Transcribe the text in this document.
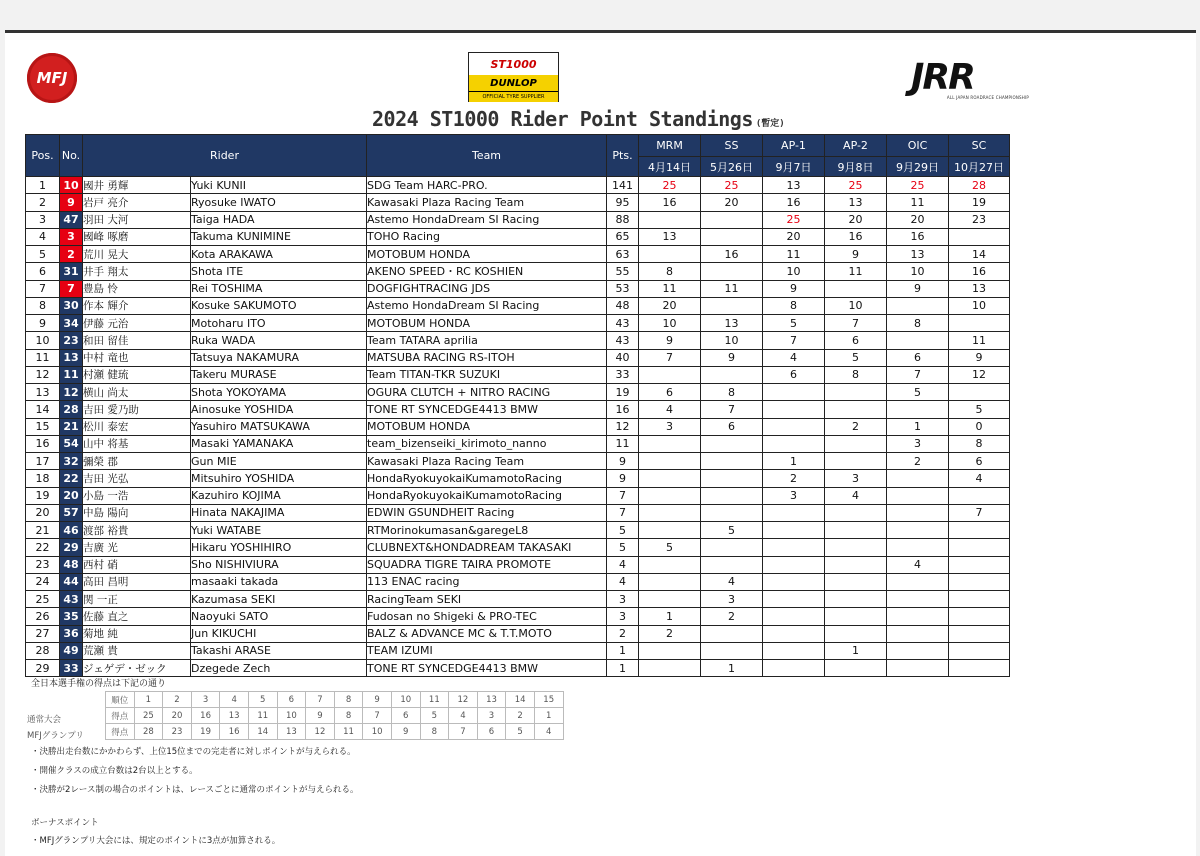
MFJ
ST1000
DUNLOP
OFFICIAL TYRE SUPPLIER	JRR
ALL JAPAN ROADRACE CHAMPIONSHIP
2024 ST1000 Rider Point Standings (暫定)
Pos.	No.	Rider		Team	Pts.	MRM	SS	AP-1	AP-2	OIC	SC
						4月14日	5月26日	9月7日	9月8日	9月29日	10月27日
1	10	國井 勇輝	Yuki KUNII	SDG Team HARC-PRO.	141	25	25	13	25	25	28
2	9	岩戸 亮介	Ryosuke IWATO	Kawasaki Plaza Racing Team	95	16	20	16	13	11	19
3	47	羽田 大河	Taiga HADA	Astemo HondaDream SI Racing	88			25	20	20	23
4	3	國峰 啄磨	Takuma KUNIMINE	TOHO Racing	65	13		20	16	16	
5	2	荒川 晃大	Kota ARAKAWA	MOTOBUM HONDA	63		16	11	9	13	14
6	31	井手 翔太	Shota ITE	AKENO SPEED・RC KOSHIEN	55	8		10	11	10	16
7	7	豊島 怜	Rei TOSHIMA	DOGFIGHTRACING JDS	53	11	11	9		9	13
8	30	作本 輝介	Kosuke SAKUMOTO	Astemo HondaDream SI Racing	48	20		8	10		10
9	34	伊藤 元治	Motoharu ITO	MOTOBUM HONDA	43	10	13	5	7	8	
10	23	和田 留佳	Ruka WADA	Team TATARA aprilia	43	9	10	7	6		11
11	13	中村 竜也	Tatsuya NAKAMURA	MATSUBA RACING RS-ITOH	40	7	9	4	5	6	9
12	11	村瀬 健琉	Takeru MURASE	Team TITAN-TKR SUZUKI	33			6	8	7	12
13	12	横山 尚太	Shota YOKOYAMA	OGURA CLUTCH + NITRO RACING	19	6	8			5	
14	28	吉田 愛乃助	Ainosuke YOSHIDA	TONE RT SYNCEDGE4413 BMW	16	4	7				5
15	21	松川 泰宏	Yasuhiro MATSUKAWA	MOTOBUM HONDA	12	3	6		2	1	0
16	54	山中 将基	Masaki YAMANAKA	team_bizenseiki_kirimoto_nanno	11					3	8
17	32	彌榮 郡	Gun MIE	Kawasaki Plaza Racing Team	9			1		2	6
18	22	吉田 光弘	Mitsuhiro YOSHIDA	HondaRyokuyokaiKumamotoRacing	9			2	3		4
19	20	小島 一浩	Kazuhiro KOJIMA	HondaRyokuyokaiKumamotoRacing	7			3	4		
20	57	中島 陽向	Hinata NAKAJIMA	EDWIN GSUNDHEIT Racing	7						7
21	46	渡部 裕貴	Yuki WATABE	RTMorinokumasan&garegeL8	5		5				
22	29	吉廣 光	Hikaru YOSHIHIRO	CLUBNEXT&HONDADREAM TAKASAKI	5	5					
23	48	西村 硝	Sho NISHIVIURA	SQUADRA TIGRE TAIRA PROMOTE	4					4	
24	44	高田 昌明	masaaki takada	113 ENAC racing	4		4				
25	43	関 一正	Kazumasa SEKI	RacingTeam SEKI	3		3				
26	35	佐藤 直之	Naoyuki SATO	Fudosan no Shigeki & PRO-TEC	3	1	2				
27	36	菊地 純	Jun KIKUCHI	BALZ & ADVANCE MC & T.T.MOTO	2	2					
28	49	荒瀬 貴	Takashi ARASE	TEAM IZUMI	1				1		
29	33	ジェゲデ・ゼック	Dzegede Zech	TONE RT SYNCEDGE4413 BMW	1		1				
全日本選手権の得点は下記の通り
順位	1	2	3	4	5	6	7	8	9	10	11	12	13	14	15
得点	25	20	16	13	11	10	9	8	7	6	5	4	3	2	1
得点	28	23	19	16	14	13	12	11	10	9	8	7	6	5	4
通常大会
MFJグランプリ
・決勝出走台数にかかわらず、上位15位までの完走者に対しポイントが与えられる。
・開催クラスの成立台数は2台以上とする。
・決勝が2レース制の場合のポイントは、レースごとに通常のポイントが与えられる。
ボーナスポイント
・MFJグランプリ大会には、規定のポイントに3点が加算される。
